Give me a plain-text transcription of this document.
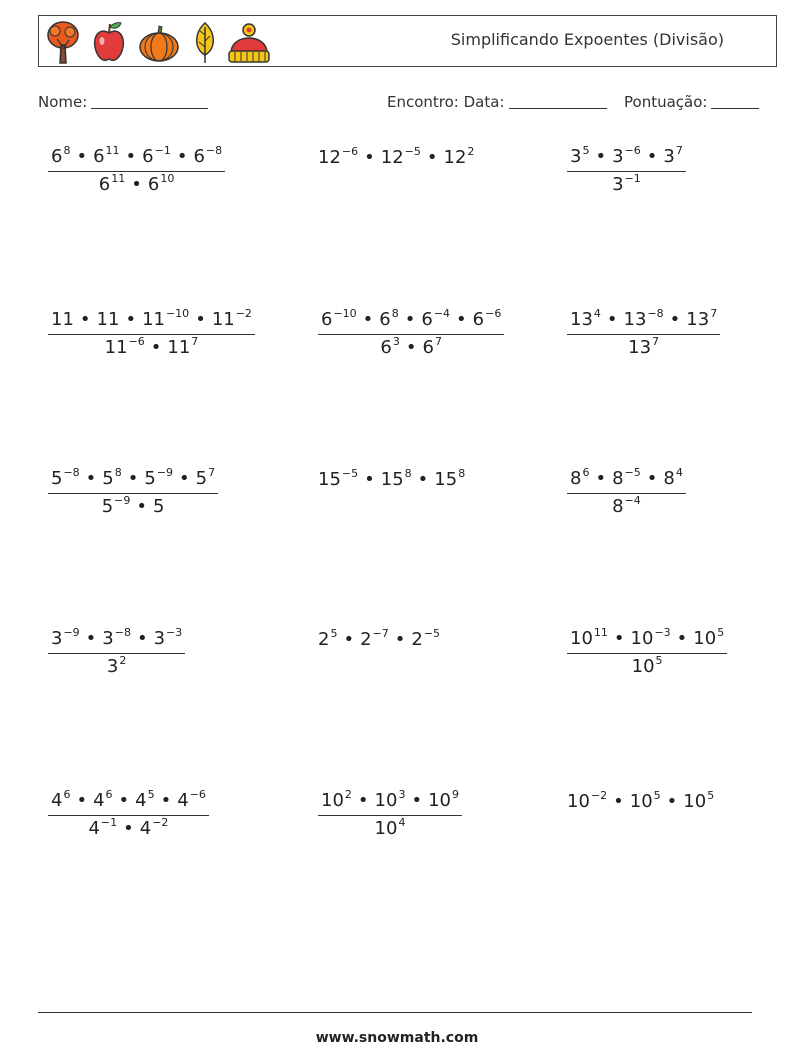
Simplificando Expoentes (Divisão)
Nome:	Encontro: Data:	Pontuação:
$\frac{6^8 • 6^{11} • 6^{-1} • 6^{-8}}{6^{11} • 6^{10}}$	$12^{-6}$ • $12^{-5}$ • $12^2$	$\frac{3^5 • 3^{-6} • 3^7}{3^{-1}}$
$\frac{11 • 11 • 11^{-10} • 11^{-2}}{11^{-6} • 11^7}$	$\frac{6^{-10} • 6^8 • 6^{-4} • 6^{-6}}{6^3 • 6^7}$	$\frac{13^4 • 13^{-8} • 13^7}{13^7}$
$\frac{5^{-8} • 5^8 • 5^{-9} • 5^7}{5^{-9} • 5}$	$15^{-5}$ • $15^8$ • $15^8$	$\frac{8^6 • 8^{-5} • 8^4}{8^{-4}}$
$\frac{3^{-9} • 3^{-8} • 3^{-3}}{3^2}$	$2^5$ • $2^{-7}$ • $2^{-5}$	$\frac{10^{11} • 10^{-3} • 10^5}{10^5}$
$\frac{4^6 • 4^6 • 4^5 • 4^{-6}}{4^{-1} • 4^{-2}}$	$\frac{10^2 • 10^3 • 10^9}{10^4}$	$10^{-2}$ • $10^5$ • $10^5$
www.snowmath.com
